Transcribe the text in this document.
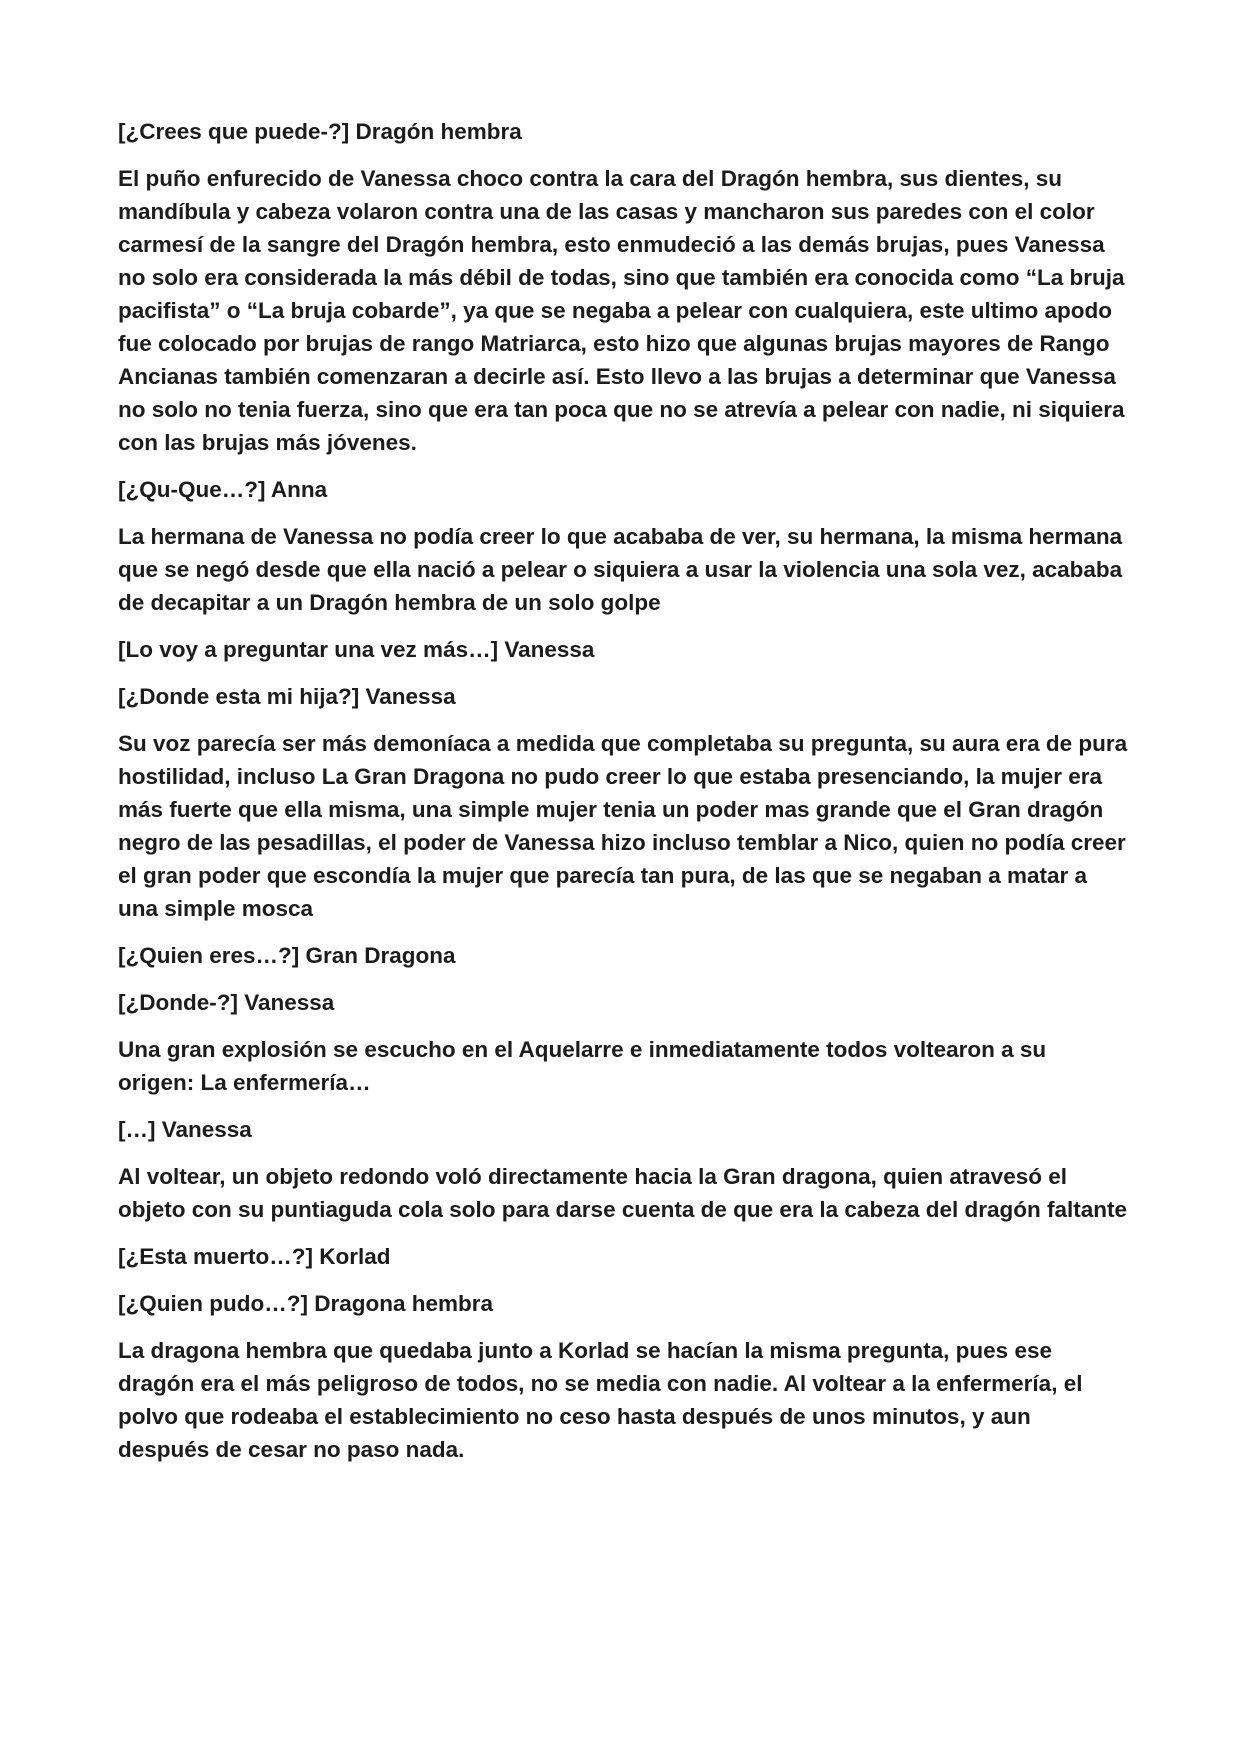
[¿Crees que puede-?] Dragón hembra

El puño enfurecido de Vanessa choco contra la cara del Dragón hembra, sus dientes, su mandíbula y cabeza volaron contra una de las casas y mancharon sus paredes con el color carmesí de la sangre del Dragón hembra, esto enmudeció a las demás brujas, pues Vanessa no solo era considerada la más débil de todas, sino que también era conocida como “La bruja pacifista” o “La bruja cobarde”, ya que se negaba a pelear con cualquiera, este ultimo apodo fue colocado por brujas de rango Matriarca, esto hizo que algunas brujas mayores de Rango Ancianas también comenzaran a decirle así. Esto llevo a las brujas a determinar que Vanessa no solo no tenia fuerza, sino que era tan poca que no se atrevía a pelear con nadie, ni siquiera con las brujas más jóvenes.

[¿Qu-Que…?] Anna

La hermana de Vanessa no podía creer lo que acababa de ver, su hermana, la misma hermana que se negó desde que ella nació a pelear o siquiera a usar la violencia una sola vez, acababa de decapitar a un Dragón hembra de un solo golpe

[Lo voy a preguntar una vez más…] Vanessa

[¿Donde esta mi hija?] Vanessa

Su voz parecía ser más demoníaca a medida que completaba su pregunta, su aura era de pura hostilidad, incluso La Gran Dragona no pudo creer lo que estaba presenciando, la mujer era más fuerte que ella misma, una simple mujer tenia un poder mas grande que el Gran dragón negro de las pesadillas, el poder de Vanessa hizo incluso temblar a Nico, quien no podía creer el gran poder que escondía la mujer que parecía tan pura, de las que se negaban a matar a una simple mosca

[¿Quien eres…?] Gran Dragona

[¿Donde-?] Vanessa

Una gran explosión se escucho en el Aquelarre e inmediatamente todos voltearon a su origen: La enfermería…

[…] Vanessa

Al voltear, un objeto redondo voló directamente hacia la Gran dragona, quien atravesó el objeto con su puntiaguda cola solo para darse cuenta de que era la cabeza del dragón faltante

[¿Esta muerto…?] Korlad

[¿Quien pudo…?] Dragona hembra

La dragona hembra que quedaba junto a Korlad se hacían la misma pregunta, pues ese dragón era el más peligroso de todos, no se media con nadie. Al voltear a la enfermería, el polvo que rodeaba el establecimiento no ceso hasta después de unos minutos, y aun después de cesar no paso nada.
